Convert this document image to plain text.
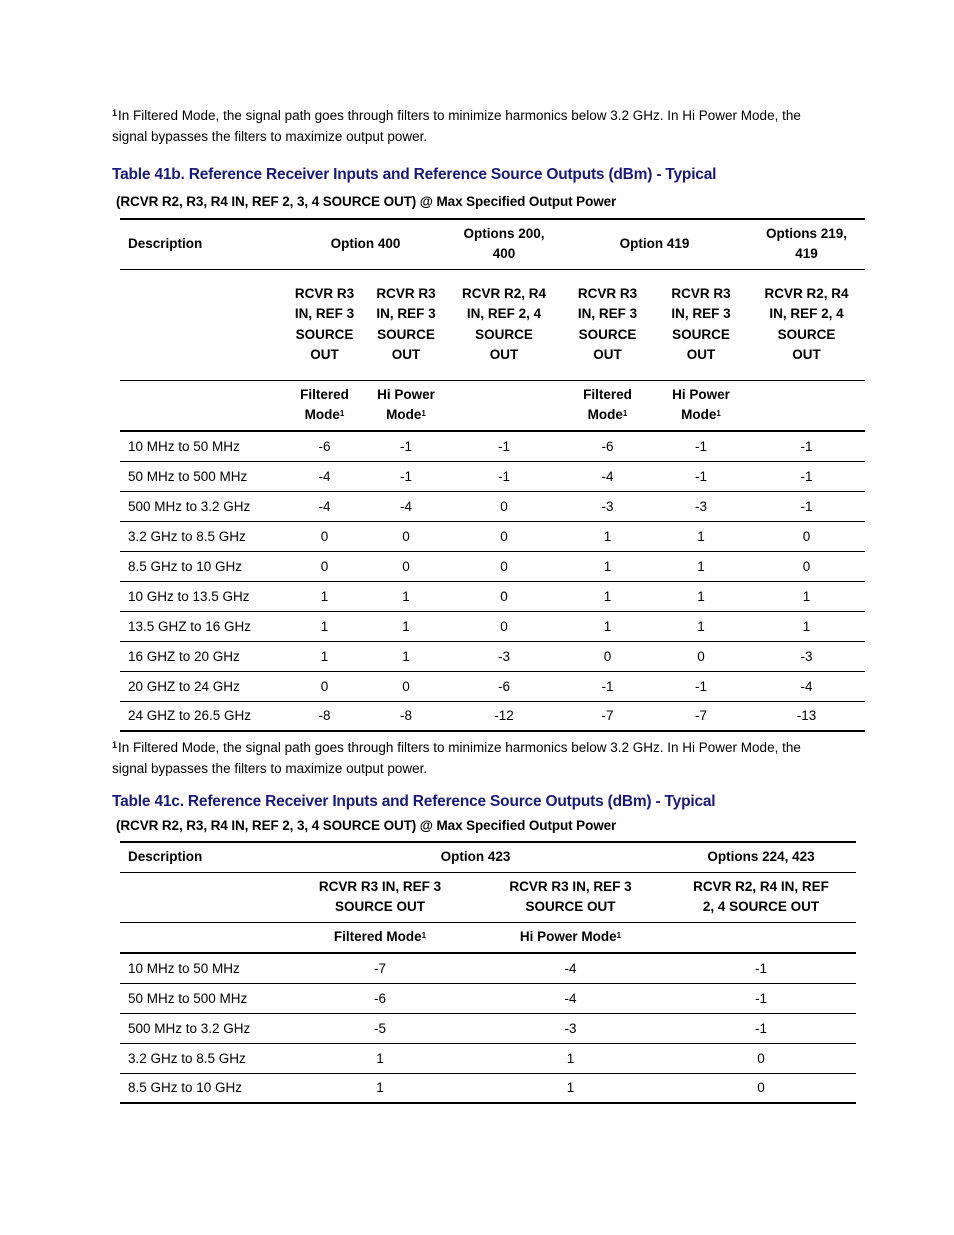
$^1$In Filtered Mode, the signal path goes through filters to minimize harmonics below 3.2 GHz. In Hi Power Mode, the signal bypasses the filters to maximize output power.
Table 41b. Reference Receiver Inputs and Reference Source Outputs (dBm) - Typical
(RCVR R2, R3, R4 IN, REF 2, 3, 4 SOURCE OUT) @ Max Specified Output Power
Description	Option 400		Options 200, 400	Option 419		Options 219, 419

	RCVR R3 IN, REF 3 SOURCE OUT	RCVR R3 IN, REF 3 SOURCE OUT	RCVR R2, R4 IN, REF 2, 4 SOURCE OUT	RCVR R3 IN, REF 3 SOURCE OUT	RCVR R3 IN, REF 3 SOURCE OUT	RCVR R2, R4 IN, REF 2, 4 SOURCE OUT

	Filtered Mode$^1$	Hi Power Mode$^1$		Filtered Mode$^1$	Hi Power Mode$^1$

10 MHz to 50 MHz	-6	-1	-1	-6	-1	-1
50 MHz to 500 MHz	-4	-1	-1	-4	-1	-1
500 MHz to 3.2 GHz	-4	-4	0	-3	-3	-1
3.2 GHz to 8.5 GHz	0	0	0	1	1	0
8.5 GHz to 10 GHz	0	0	0	1	1	0
10 GHz to 13.5 GHz	1	1	0	1	1	1
13.5 GHZ to 16 GHz	1	1	0	1	1	1
16 GHZ to 20 GHz	1	1	-3	0	0	-3
20 GHZ to 24 GHz	0	0	-6	-1	-1	-4
24 GHZ to 26.5 GHz	-8	-8	-12	-7	-7	-13
$^1$In Filtered Mode, the signal path goes through filters to minimize harmonics below 3.2 GHz. In Hi Power Mode, the signal bypasses the filters to maximize output power.
Table 41c. Reference Receiver Inputs and Reference Source Outputs (dBm) - Typical
(RCVR R2, R3, R4 IN, REF 2, 3, 4 SOURCE OUT) @ Max Specified Output Power
Description	Option 423		Options 224, 423

	RCVR R3 IN, REF 3 SOURCE OUT	RCVR R3 IN, REF 3 SOURCE OUT	RCVR R2, R4 IN, REF 2, 4 SOURCE OUT

	Filtered Mode$^1$	Hi Power Mode$^1$	
10 MHz to 50 MHz	-7	-4	-1
50 MHz to 500 MHz	-6	-4	-1
500 MHz to 3.2 GHz	-5	-3	-1
3.2 GHz to 8.5 GHz	1	1	0
8.5 GHz to 10 GHz	1	1	0
